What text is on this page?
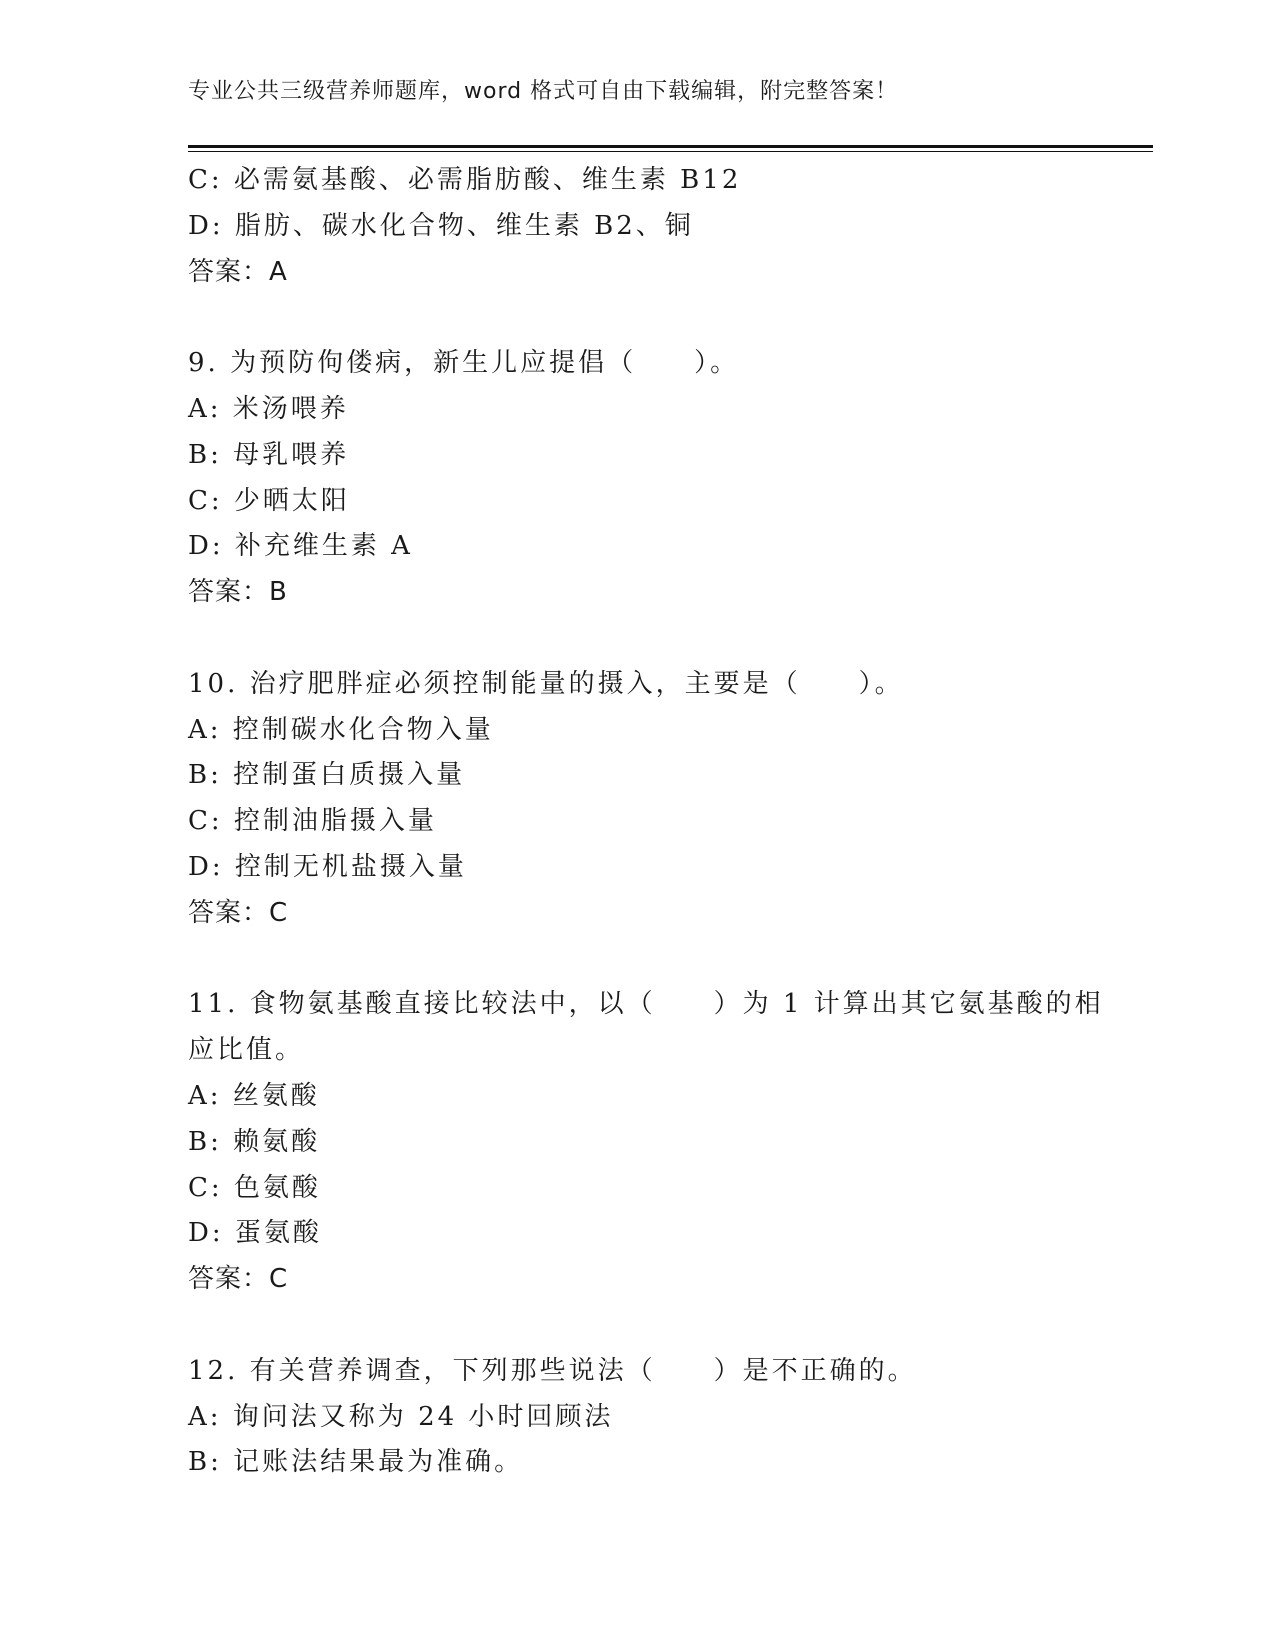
专业公共三级营养师题库，word 格式可自由下载编辑，附完整答案！
C: 必需氨基酸、必需脂肪酸、维生素 B12
D: 脂肪、碳水化合物、维生素 B2、铜
答案：A
9. 为预防佝偻病，新生儿应提倡（　　）。
A: 米汤喂养
B: 母乳喂养
C: 少晒太阳
D: 补充维生素 A
答案：B
10. 治疗肥胖症必须控制能量的摄入，主要是（　　）。
A: 控制碳水化合物入量
B: 控制蛋白质摄入量
C: 控制油脂摄入量
D: 控制无机盐摄入量
答案：C
11. 食物氨基酸直接比较法中，以（　　）为 1 计算出其它氨基酸的相
应比值。
A: 丝氨酸
B: 赖氨酸
C: 色氨酸
D: 蛋氨酸
答案：C
12. 有关营养调查，下列那些说法（　　）是不正确的。
A: 询问法又称为 24 小时回顾法
B: 记账法结果最为准确。
